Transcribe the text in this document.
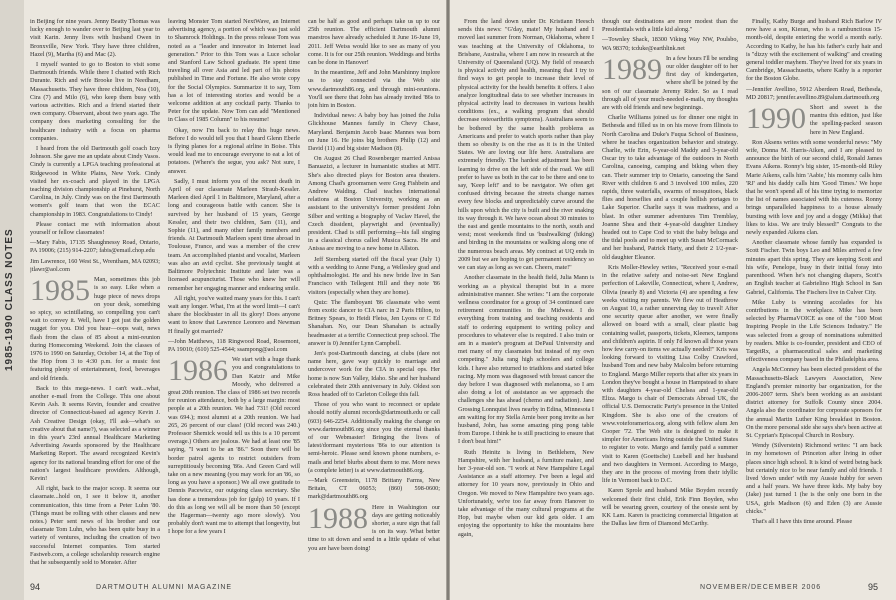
1985-1990 CLASS NOTES

in Beijing for nine years. Jenny Beatty Thomas was lucky enough to wander over to Beijing last year to visit Karin. Jenny lives with husband Owen in Bronxville, New York. They have three children, Hazel (9), Martha (6) and Mac (2).

I myself wanted to go to Boston to visit some Dartmouth friends. While there I chatted with Rich Durante. Rich and wife Brooke live in Needham, Massachusetts. They have three children, Noa (10), Cira (7) and Milo (6), who keep them busy with various activities. Rich and a friend started their own company. Observant, about two years ago. The company does marketing consulting for the healthcare industry with a focus on pharma companies.

I heard from the old Dartmouth golf coach Izzy Johnson. She gave me an update about Cindy Vasos. Cindy is currently a LPGA teaching professional at Ridgewood in White Plains, New York. Cindy visited her ex-coach and played in the LPGA teaching division championship at Pinehurst, North Carolina, in July. Cindy was on the first Dartmouth women's golf team that won the ECAC championship in 1983. Congratulations to Cindy!

Please contact me with information about yourself or fellow classmates!

—Mary Fabis, 17135 Shaughnessy Road, Ontario, PA 19006; (215) 914-2207; fabis@email.chop.edu

Jim Lawrence, 160 West St., Wrentham, MA 02093; jtlawr@aol.com

1985 Man, sometimes this job is so easy. Like when a huge piece of news drops on your desk, something so spicy, so scintillating, so compelling you can't wait to convey it. Well, have I got just the golden nugget for you. Did you hear—oops wait, news flash from the class of 85 about a mini-reunion during Homecoming Weekend. Join the classes of 1976 to 1990 on Saturday, October 14, at the Top of the Hop from 3 to 4:30 p.m. for a music fest featuring plenty of entertainment, food, beverages and old friends.

Back to this mega-news. I can't wait...what, another e-mail from the College. This one about Kevin Ash. It seems Kevin, founder and creative director of Connecticut-based ad agency Kevin J. Ash Creative Design (okay, I'll ask—what's so creative about that name?), was selected as a winner in this year's 23rd annual Healthcare Marketing Advertising Awards sponsored by the Healthcare Marketing Report. The award recognized Kevin's agency for its national branding effort for one of the nation's largest healthcare providers. Although, Kevin!

All right, back to the major scoop. It seems our classmate...hold on, I see it below it, another communication, this time from a Peter Luhn '80. (Things must be rolling with other classes and new notes.) Peter sent news of his brother and our classmate Tom Luhn, who has been quite busy in a variety of ventures, including the creation of two successful Internet companies. Tom started Fastweb.com, a college scholarship research engine that he subsequently sold to Monster. After

leaving Monster Tom started NextWave, an Internet advertising agency, a portion of which was just sold to Shamrock Holdings. In the press release Tom was noted as a "leader and innovator in Internet lead generation." Prior to this Tom was a Luce scholar and Stanford Law School graduate. He spent time traveling all over Asia and led part of his photos published in Time and Fortune. He also wrote copy for the Social Olympics. Summarize it to say, Tom has a lot of interesting stories and would be a welcome addition at any cocktail party. Thanks to Peter for the update. Now Tom can add "Mentioned in Class of 1985 Column" to his resume!

Okay, now I'm back to relay this huge news. Before I do would tell you that I heard Glenn Eberle is flying planes for a regional airline in Boise. This would lead me to encourage everyone to eat a lot of potatoes. (Where's the segue, you ask? Not sure, I answer.

Sadly, I must inform you of the recent death in April of our classmate Marleen Straub-Kessler. Marleen died April 1 in Baltimore, Maryland, after a long and courageous battle with cancer. She is survived by her husband of 15 years, George Kessler, and their two children, Sam (11), and Sophie (11), and many other family members and friends. At Dartmouth Marleen spent time abroad in Toulouse, France, and was a member of the crew team. An accomplished pianist and vocalist, Marleen was also an avid cyclist. She previously taught at Baltimore Polytechnic Institute and later was a licensed acupuncturist. Those who knew her will remember her engaging manner and endearing smile.

All right, you've waited many years for this. I can't wait any longer. What, I'm at the word limit—I can't share the blockbuster in all its glory! Does anyone want to know that Lawrence Leonoro and Newman H finally got married?

—John Matthews, 118 Ringwood Road, Rosemont, PA 19010; (610) 525-4544; ssampong@aol.com

1986 We start with a huge thank you and congratulations to Dan Katzir and Mike Moody, who delivered a great 20th reunion. The class of 1986 set two records for reunion attendance, both by a large margin: most people at a 20th reunion. We had 731! (Old record was 694.); most alumni at a 20th reunion. We had 265, 26 percent of our class! (Old record was 240.) Professor Shemick would tell us this is a 10 percent overage.) Others are jealous. We had at least one '85 saying, "I want to be an '86." Soon there will be border patrol agents to restrict outsiders from surreptitiously becoming '86s. And Green Card will take on a new meaning (you may work for an '86, so long as you have a sponsor.) We all owe gratitude to Dennis Pacewicz, our outgoing class secretary. She has done a tremendous job for (gulp) 10 years. If I do this as long we will all be more than 50 (except the Hagerman—twenty ago more slowly). You probably don't want me to attempt that longevity, but I hope for a few years I

can be half as good and perhaps take us up to our 25th reunion. The efficient Dartmouth alumni maestros have already scheduled it June 16-June 19, 2011. Jeff Weiss would like to see as many of you come. It is for our 25th reunion. Weddings and births can be done in Hanover!

In the meantime, Jeff and John Marshinny implore us to stay connected via the Web site www.dartmouth86.org, and through mini-reunions. You'll see there that John has already invited '86s to join him in Boston.

Individual news: A baby boy has joined the Julia Glickhouse Mannes family in Chevy Chase, Maryland. Benjamin Jacob Isaac Mannes was born on June 16. He joins big brothers Philip (12) and David (11) and big sister Madison (8).

On August 26 Chad Rosenberger married Anissa Banuazizi, a lecturer in humanistic studies at MIT. She's also directed plays for Boston area theaters. Among Chad's groomsmen were Greg Fishbein and Andrew Walding. Chad teaches international relations at Boston University, working as an assistant to the university's former president John Silber and writing a biography of Vaclav Havel, the Czech dissident, playwright and (eventually) president. Chad is still performing—his fall singing in a classical chorus called Musica Sacra. He and Anissa are moving to a new home in Allston.

Jeff Sternberg started off the fiscal year (July 1) with a wedding to Anne Fung, a Wellesley grad and ophthalmologist. He and his new bride live in San Francisco with Tellegent Hill and they note '86 visitors (especially when they are home).

Quiz: The flamboyant '86 classmate who went from exotic dancer to CIA narc in 2 Paris Hilton, to Britney Spears, to Heidi Fleiss, Jen Lyons or C Ed Shanahan. No, our Dean Shanahan is actually headmaster at a terrific Connecticut prep school. The answer is 0) Jennifer Lynn Campbell.

Jen's post-Dartmouth dancing, at clubs (dare not name here, gave way quickly to marriage and undercover work for the CIA in special ops. Her home is now Sun Valley, Idaho. She and her husband celebrated their 20th anniversary in July. Oldest son Ross headed off to Carleton College this fall.

Those of you who want to reconnect or update should notify alumni records@dartmouth.edu or call (603) 646-2254. Additionally making the change on www.dartmouth86.org since you the eternal thanks of our Webmaster! Bringing the lives of latest/dormant mysterious '86s to our attention is semi-heroic. Please send known phone numbers, e-mails and brief blurbs about them to me. More news (a complete letter) is at www.dartmouth86.org.

—Mark Greenstein, 1178 Brittany Farms, New Britain, CT 06053; (860) 598-0600; mark@dartmouth86.org

1988 Here in Washington our days are getting noticeably shorter, a sure sign that fall is on its way. What better time to sit down and send in a little update of what you are have been doing!

94	DARTMOUTH ALUMNI MAGAZINE

From the land down under Dr. Kristiann Heesch sends this news: "G'day, mate! My husband and I moved last summer from Norman, Oklahoma, where I was teaching at the University of Oklahoma, to Brisbane, Australia, where I am now in research at the University of Queensland (UQ). My field of research is physical activity and health, meaning that I try to find ways to get people to increase their level of physical activity for the health benefits it offers. I also analyze longitudinal data to see whether increases in physical activity lead to decreases in various health conditions (ex., a walking program that should decrease osteoarthritis symptoms). Australians seem to be bothered by the same health problems as Americans and prefer to watch sports rather than play them so obesity is on the rise as it is in the United States. We are loving our life here. Australians are extremely friendly. The hardest adjustment has been learning to drive on the left side of the road. We still prefer to have us both in the car to be there and one to say, 'Keep left!' and to be navigator. We often get confused driving because the streets change names every few blocks and unpredictably curve around the hills upon which the city is built and the river snaking its way through it. We have ocean about 30 minutes to the east and gentle mountains to the north, south and west; most weekends find us 'bushwalking' (hiking) and birding in the mountains or walking along one of the numerous beach areas. My contract at UQ ends in 2009 but we are hoping to get permanent residency so we can stay as long as we can. Cheers, mate!"

Another classmate in the health field, Julia Mann is working as a physical therapist but in a more administrative manner. She writes: "I am the corporate wellness coordinator for a group of 34 continued care retirement communities in the Midwest. I do everything from training and teaching residents and staff to ordering equipment to writing policy and procedures to whatever else is required. I also train or am in a master's program at DePaul University and met many of my classmates but instead of my own competing." Julia rang high schoolers and college kids. I have also returned to triathlons and started bike racing. My mom was diagnosed with breast cancer the day before I was diagnosed with melanoma, so I am also doing a lot of assistance as we approach the challenges she has ahead (chemo and radiation). Jane Grossing Lonnquist lives nearby in Edina, Minnesota I am waiting for my Stella Arnie beer pong invite as her husband, John, has some amazing ping pong table from Europe. I think he is still practicing to ensure that I don't beat him!"

Ruth Heinitz is living in Bethlehem, New Hampshire, with her husband, a furniture maker, and her 3-year-old son. "I work at New Hampshire Legal Assistance as a staff attorney. I've been a legal aid attorney for 10 years now, previously in Ohio and Oregon. We moved to New Hampshire two years ago. Unfortunately, we're too far away from Hanover to take advantage of the many cultural programs at the Hop, but maybe when our kid gets older. I am enjoying the opportunity to hike the mountains here again,

though our destinations are more modest than the Presidentials with a little kid along."

—Townley Shack, 18300 Viking Way NW, Poulsbo, WA 98370; tcduke@earthlink.net

1989 In a few hours I'll be sending our older daughter off to her first day of kindergarten, where she'll be joined by the son of our classmate Jeremy Rider. So as I read through all of your much-needed e-mails, my thoughts are with old friends and new beginnings.

Charlie Williams joined us for dinner one night in Bethesda and filled us in on his move from Illinois to North Carolina and Duke's Fuqua School of Business, where he teaches organization behavior and strategy. Charlie, wife Erin, 6-year-old Maddy and 3-year-old Oscar try to take advantage of the outdoors in North Carolina, canoeing, camping and biking when they can. Their summer trip to Ontario, canoeing the Sand River with children 6 and 3 involved 100 miles, 220 rapids, three waterfalls, swarms of mosquitoes, black flies and horseflies and a couple hellish portages to Lake Superior. Charlie says it was madness, and a blast. In other summer adventures Tim Tremblay, Joanne Shea and their 4-year-old daughter Lindsey headed out to Cape Cod to visit the baby beluga and the tidal pools and to meet up with Susan McCormack and her husband, Patrick Harty, and their 2 1/2-year-old daughter Eleanor.

Kris Moller-Hewley writes, "Received your e-mail in the relative safety and noise-set New England perfection of Lakeville, Connecticut, where I, Andrew, Olivia (nearly 8) and Victoria (4) are spending a few weeks visiting my parents. We flew out of Heathrow on August 10, a rather unnerving day to travel! After one security queue after another, we were finally allowed on board with a small, clear plastic bag containing wallet, passports, tickets, Kleenex, tampons and children's aspirin. If only I'd known all those years how few carry-on items we actually needed!" Kris was looking forward to visiting Lisa Colby Crawford, husband Tom and new baby Malcolm before returning to England. Margo Miller reports that after six years in London they've bought a house in Hampstead to share with daughters 4-year-old Chelsea and 1-year-old Eliza. Margo is chair of Democrats Abroad UK, the official U.S. Democratic Party's presence in the United Kingdom. She is also one of the creators of www.voteforamerica.org, along with fellow alum Jen Cooper '72. The Web site is designed to make it simpler for Americans living outside the United States to register to vote. Margo and family paid a summer visit to Karen (Goettsche) Luebell and her husband and two daughters in Vermont. According to Margo, they are in the process of moving from their idyllic life in Vermont back to D.C.

Karen Sprole and husband Mike Boyden recently welcomed their first child, Erik Finn Boyden, who will be wearing green, courtesy of the onesie sent by KK Lam. Karen is practicing commercial litigation at the Dallas law firm of Diamond McCarthy.

Finally, Kathy Burge and husband Rich Barlow IV now have a son, Kieran, who is a rambunctious 15-month-old, despite entering the world a month early. According to Kathy, he has his father's curly hair and is "dizzy with the excitement of walking" and creating general toddler mayhem. They've lived for six years in Cambridge, Massachusetts, where Kathy is a reporter for the Boston Globe.

—Jennifer Avellino, 5912 Aberdeen Road, Bethesda, MD 20817; jennifer.avellino.89@alum.dartmouth.org

1990 Short and sweet is the mantra this edition, just like the spelling-packed season here in New England.

Ron Aksens writes with some wonderful news: "My wife, Donna M. Harris-Aiken, and I are pleased to announce the birth of our second child, Ronald James Evans Aikens. Ronny's big sister, 15-month-old Riley Marie Aikens, calls him 'Aabie,' his mommy calls him 'RJ' and his daddy calls him 'Good Times.' We hope that he won't spend all of his time trying to memorize the list of names associated with his cuteness. Ronny brings unparalleled happiness to a house already bursting with love and joy and a doggy (Mikka) that likes to kiss. We are truly blessed!" Congrats to the newly expanded Aikens clan.

Another classmate whose family has expanded is Scott Fischer. Twin boys Leo and Miles arrived a few minutes apart this spring. They are keeping Scott and his wife, Penelope, busy in their initial foray into parenthood. When he's not changing diapers, Scott's an English teacher at Gabrielino High School in San Gabriel, California. The Fischers live in Culver City.

Mike Luby is winning accolades for his contributions in the workplace. Mike has been selected by PharmaVOICE as one of the "100 Most Inspiring People in the Life Sciences Industry." He was selected from a group of nominations submitted by readers. Mike is co-founder, president and CEO of TargetRx, a pharmaceutical sales and marketing effectiveness company based in the Philadelphia area.

Angela McConney has been elected president of the Massachusetts-Black Lawyers Association, New England's premier minority bar organization, for the 2006-2007 term. She's been working as an assistant district attorney for Suffolk County since 2004. Angela also the coordinator for corporate sponsors for the annual Martin Luther King breakfast in Boston. On the more personal side she says she's been active at St. Cyprian's Episcopal Church in Roxbury.

Wendy (Silverstein) Richmond writes: "I am back in my hometown of Princeton after living in other places since high school. It is kind of weird being back but certainly nice to be near family and old friends. I lived 'down under' with my Aussie hubby for seven and a half years. We have three kids. My baby boy (Jake) just turned 1 (he is the only one born in the USA, girls Madison (6) and Eden (3) are Aussie chicks."

That's all I have this time around. Please

NOVEMBER/DECEMBER 2006	95
